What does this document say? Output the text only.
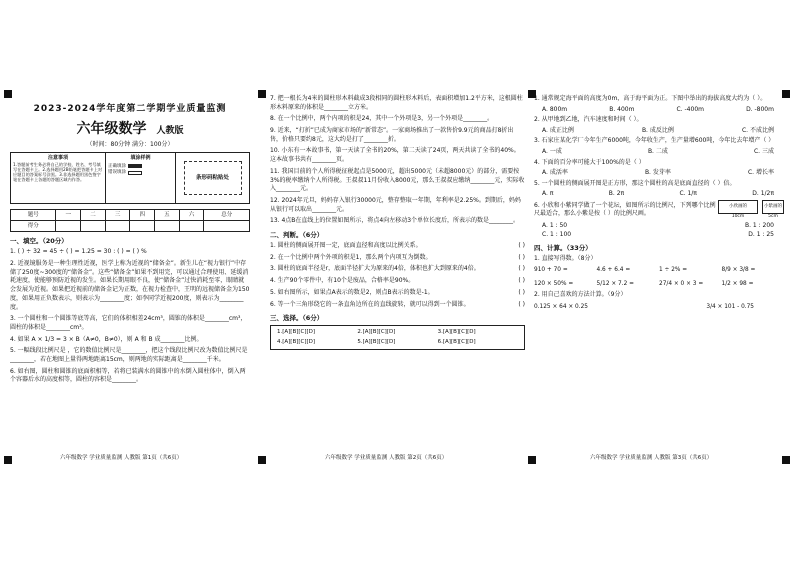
2023-2024学年度第二学期学业质量监测
六年级数学 人教版
（时间：80分钟 满分：100分）
注意事项
1.答题前考生务必将自己的学校、姓名、考号填写在答题卡上。2.选择题用2B铅笔把答题卡上对应题目的答案标号涂黑。3.非选择题用黑色签字笔在答题卡上各题的答题区域内作答。
填涂样例
正确填涂
错误填涂
条形码粘贴处
题号	一	二	三	四	五	六	总分
得分							
一、填空。（20分）
1. ( ) ÷ 32 = 45 ÷ ( ) = 1.25 = 30 : ( ) = ( ) %
2. 近视镜服务是一种生理性近视，医学上称为近视的“储备金”。新生儿在“视力银行”中存储了250度~300度的“储备金”。这些“储备金”如果不到用完，可以通过合理使用、延缓消耗速度，使能够预防近视的发生。如果长期用眼不良，使“储备金”过快消耗至零，眼睛就会发展为近视。如果把近视前的储备金记为正数，在视力检查中，王明的远视储备金为150度，如果用正负数表示，则表示为________度；如李同学近视200度，则表示为________度。
3. 一个圆柱和一个圆锥等底等高，它们的体积相差24cm³，圆锥的体积是________cm³，圆柱的体积是________cm³。
4. 如果 A × 1/3 = 3 × B（A≠0，B≠0），则 A 和 B 成________比例。
5. 一幅线段比例尺是 ，它的数值比例尺是________，把这个线段比例尺改为数值比例尺是________，若在地图上量得两地距离15cm，则两地的实际距离是________千米。
6. 如右图，圆柱和圆锥的底面积相等，若将已装满水的圆锥中的水倒入圆柱体中，倒入两个容器后水的高度相等，圆柱的容积是________。
六年级数学 学业质量监测 人教版 第1页（共6页）
7. 把一根长为4米的圆柱形木料截成3段相同的圆柱形木料后，表面积增加1.2平方米，这根圆柱形木料原来的体积是________立方米。
8. 在一个比例中，两个内项的积是24，其中一个外项是3，另一个外项是________。
9. 近来，“打折”已成为商家市场的“新常态”。一家商场推出了一款售价9.9元的商品打8折出售，价格只要约8元，这大约是打了________折。
10. 小东有一本故事书，第一天读了全书的20%，第二天读了24页，两天共读了全书的40%。这本故事书共有________页。
11. 我国目前的个人所得税征税起点是5000元，超出5000元（未超8000元）的部分，需要按3%的税率缴纳个人所得税。王叔叔11月份收入8000元，那么王叔叔应缴纳________元，实际收入________元。
12. 2024年元旦，妈妈存入银行30000元，整存整取一年期，年利率是2.25%。到期后，妈妈从银行可以取出________元。
13. 4点B在直线上的位置如图所示，将点4向左移动3个单位长度后，所表示的数是________。
二、判断。（6分）
1. 圆柱的侧面展开图一定，底面直径和高度以比例关系。	( )
2. 在一个比例中两个外项的积是1，那么两个内项互为倒数。	( )
3. 圆柱的底面半径是r，底面半径扩大为原来的4倍，体积也扩大到原来的4倍。	( )
4. 生产90个零件中，有10个是废品，合格率是90%。	( )
5. 如右图所示，如果点A表示的数是2，则点B表示的数是-1。	( )
6. 等一个三角形绕它的一条直角边所在的直线旋转，就可以得到一个圆锥。	( )
三、选择。（6分）
1.[A][B][C][D]	2.[A][B][C][D]	3.[A][B][C][D]
4.[A][B][C][D]	5.[A][B][C][D]	6.[A][B][C][D]
六年级数学 学业质量监测 人教版 第2页（共6页）
1. 通常规定海平面的高度为0m，高于海平面为正。下图中举出的海拔高度大约为（ ）。
A. 800m	B. 400m	C. -400m	D. -800m
2. 从甲地到乙地，汽车速度和时间（ ）。
A. 成正比例	B. 成反比例	C. 不成比例
3. 石家庄某化学厂今年生产6000吨，今年收生产，生产量增600吨，今年比去年增产（ ）
A. 一成	B. 二成	C. 三成
4. 下面的百分率可能大于100%的是（ ）
A. 成活率	B. 发芽率	C. 增长率
5. 一个圆柱的侧面展开图是正方形，那这个圆柱的高是底面直径的（ ）倍。
A. π	B. 2π	C. 1/π	D. 1/2π
6. 小欣和小紫同学做了一个花坛，如图所示的比例尺，下列哪个比例尺最适合，那么小紫是按（ ）的比例尺画。
小欣画的
10cm
小紫画的
5cm
A. 1 : 50	B. 1 : 200
C. 1 : 100	D. 1 : 25
四、计算。（33分）
1. 直接写得数。（8分）
910 + 70 =	4.6 + 6.4 =	1 ÷ 2% =	8/9 × 3/8 =
120 × 50% =	5/12 × 7.2 =	27/4 × 0 × 3 =	1/2 × 98 =
2. 用自己喜欢的方法计算。（9分）
0.125 × 64 × 0.25	3/4 × 101 - 0.75
六年级数学 学业质量监测 人教版 第3页（共6页）
